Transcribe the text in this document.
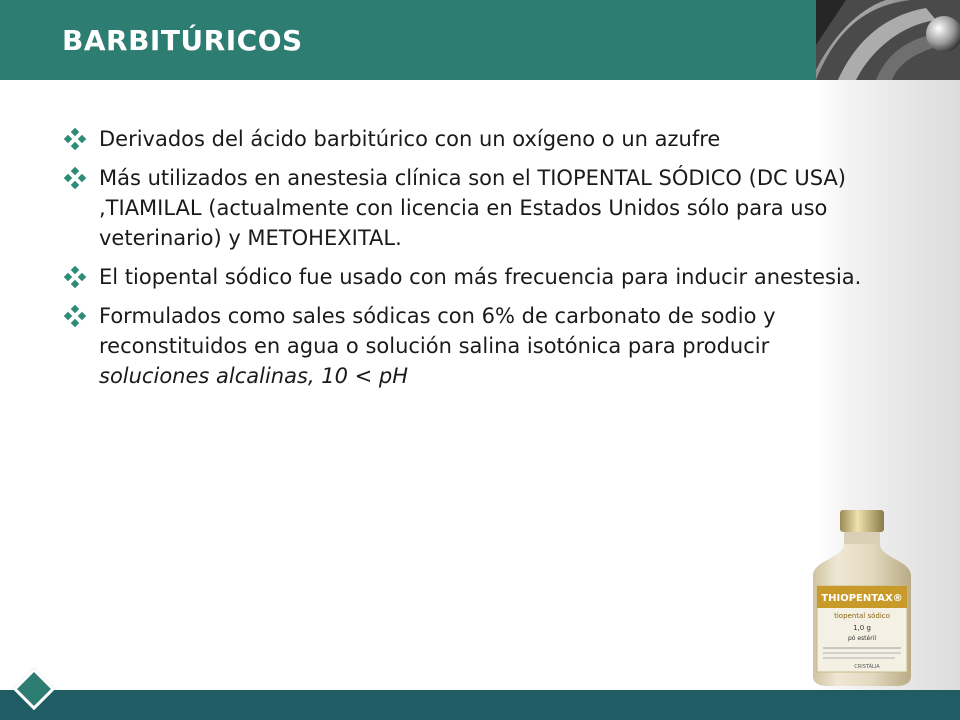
BARBITÚRICOS
Derivados del ácido barbitúrico con un oxígeno o un azufre
Más utilizados en anestesia clínica son el TIOPENTAL SÓDICO (DC USA) ,TIAMILAL (actualmente con licencia en Estados Unidos sólo para uso veterinario) y METOHEXITAL.
El tiopental sódico fue usado con más frecuencia para inducir anestesia.
Formulados como sales sódicas con 6% de carbonato de sodio y reconstituidos en agua o solución salina isotónica para producir soluciones alcalinas, 10 < pH
THIOPENTAX®
tiopental sódico
1,0 g
pó estéril
CRISTÁLIA
